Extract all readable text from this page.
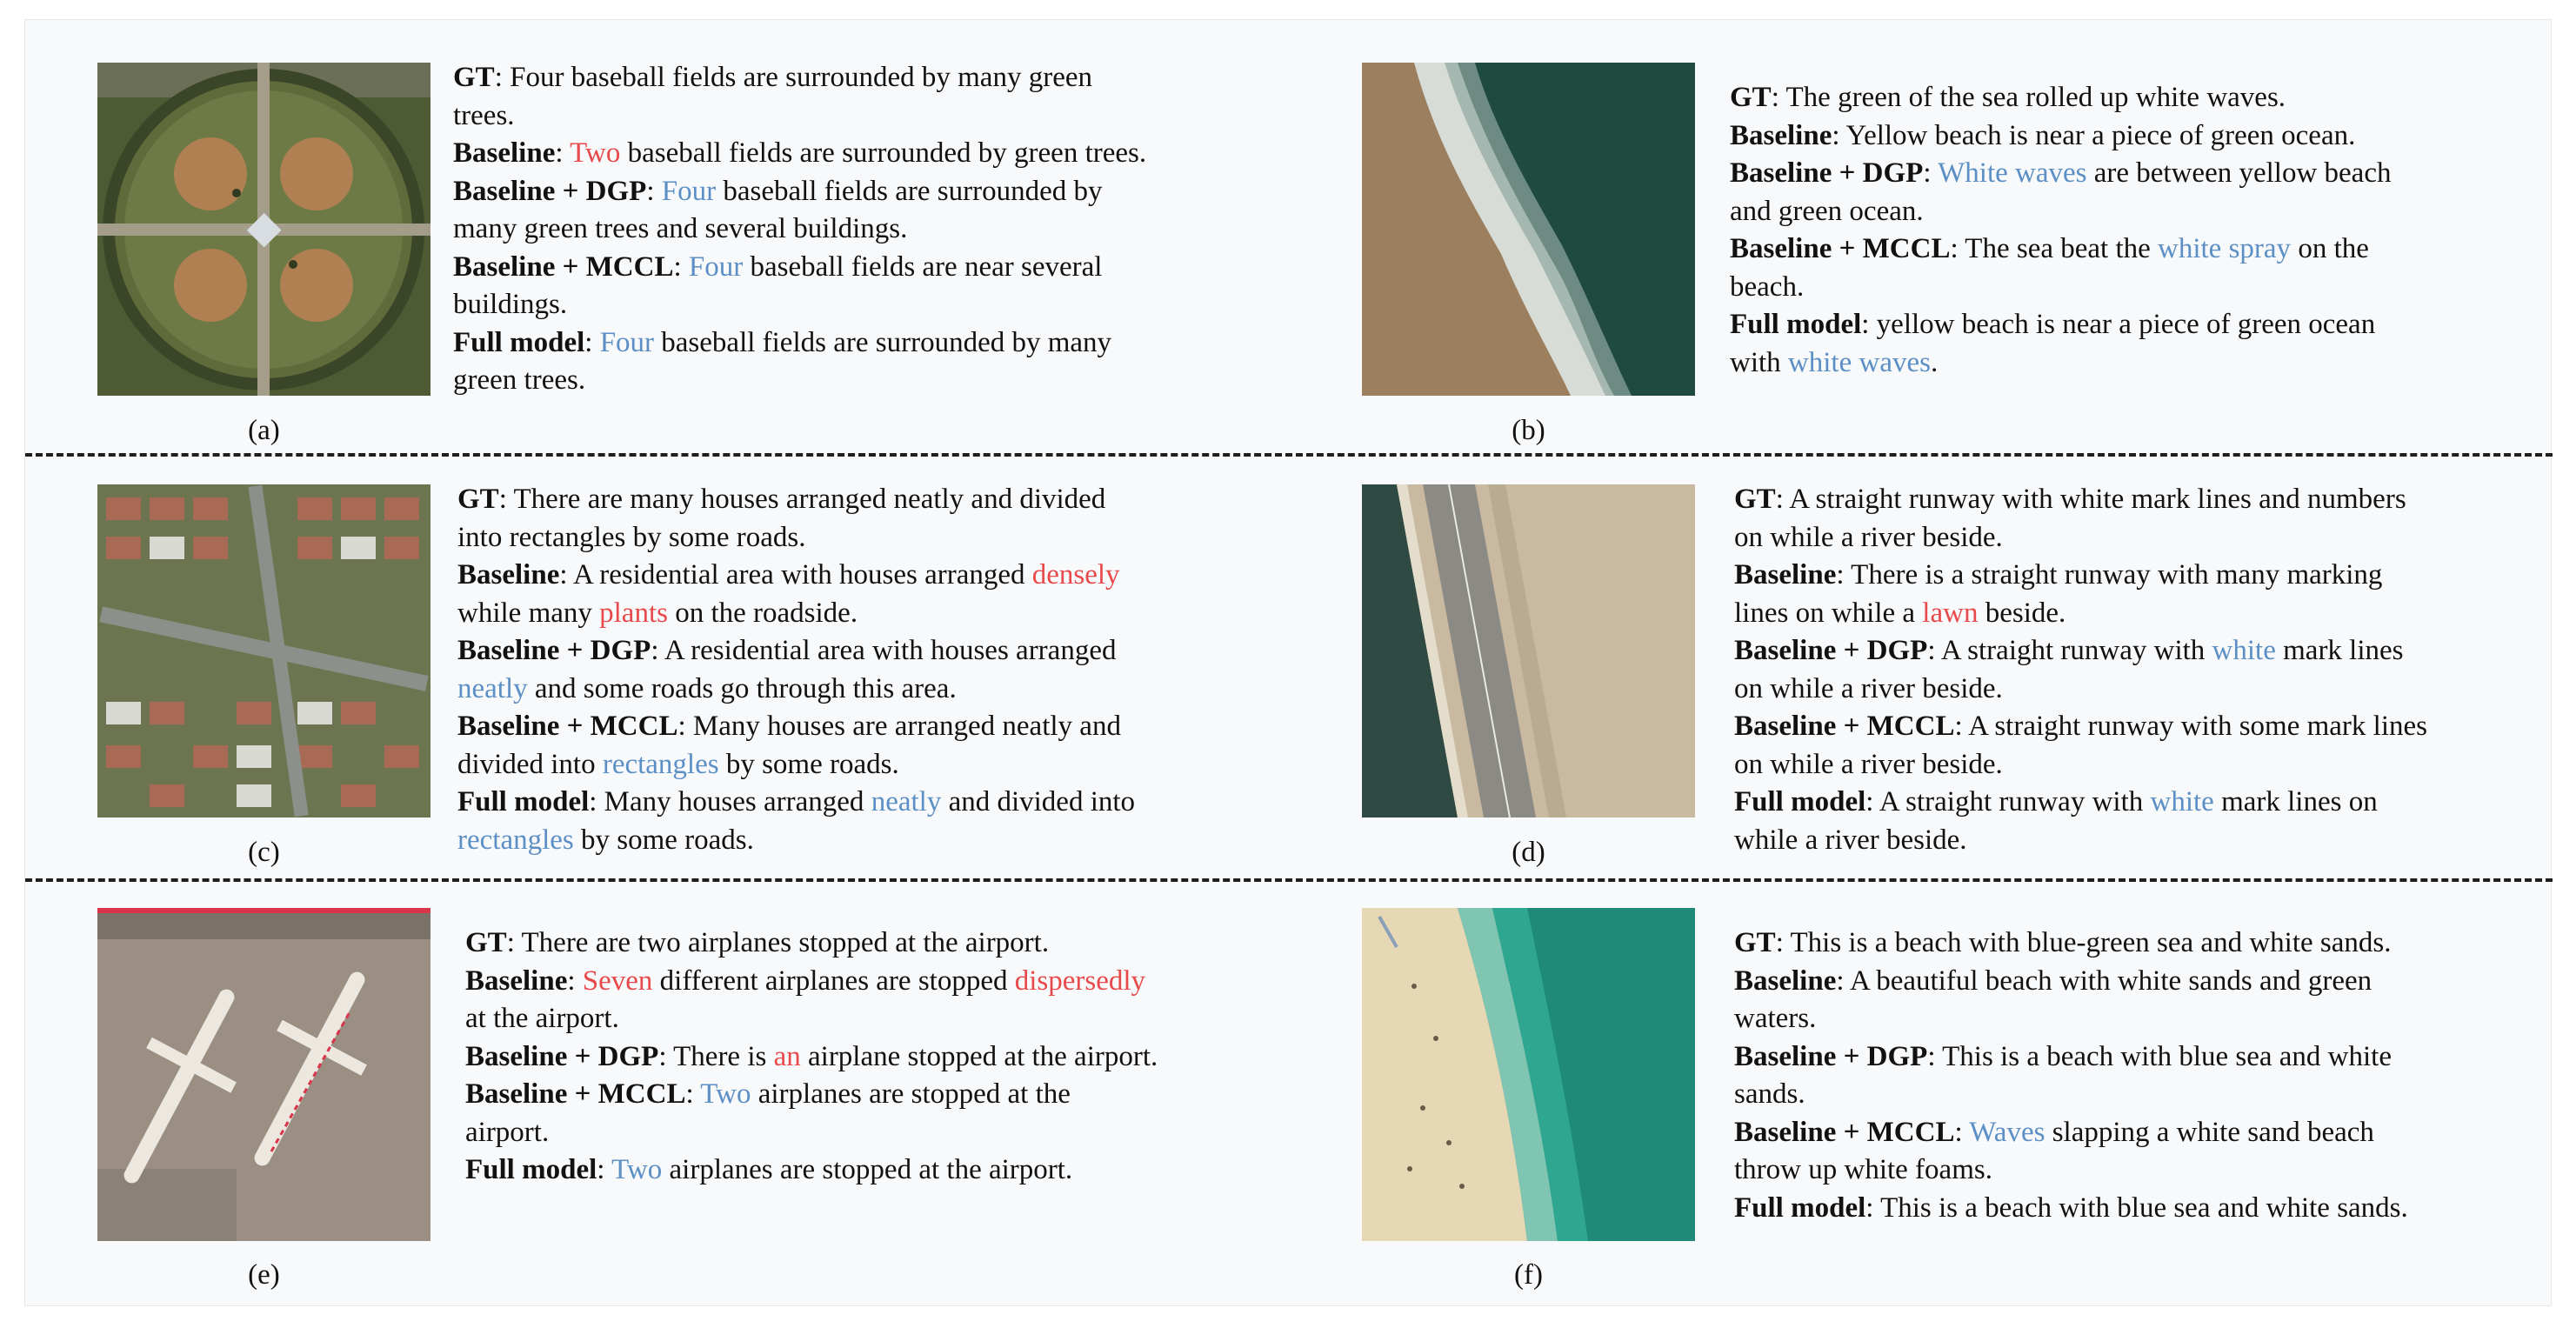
(a)
GT: Four baseball fields are surrounded by many green
trees.
Baseline: Two baseball fields are surrounded by green trees.
Baseline + DGP: Four baseball fields are surrounded by
many green trees and several buildings.
Baseline + MCCL: Four baseball fields are near several
buildings.
Full model: Four baseball fields are surrounded by many
green trees.
(b)
GT: The green of the sea rolled up white waves.
Baseline: Yellow beach is near a piece of green ocean.
Baseline + DGP: White waves are between yellow beach
and green ocean.
Baseline + MCCL: The sea beat the white spray on the
beach.
Full model: yellow beach is near a piece of green ocean
with white waves.
(c)
GT: There are many houses arranged neatly and divided
into rectangles by some roads.
Baseline: A residential area with houses arranged densely
while many plants on the roadside.
Baseline + DGP: A residential area with houses arranged
neatly and some roads go through this area.
Baseline + MCCL: Many houses are arranged neatly and
divided into rectangles by some roads.
Full model: Many houses arranged neatly and divided into
rectangles by some roads.	(d)
GT: A straight runway with white mark lines and numbers
on while a river beside.
Baseline: There is a straight runway with many marking
lines on while a lawn beside.
Baseline + DGP: A straight runway with white mark lines
on while a river beside.
Baseline + MCCL: A straight runway with some mark lines
on while a river beside.
Full model: A straight runway with white mark lines on
while a river beside.
(e)
GT: There are two airplanes stopped at the airport.
Baseline: Seven different airplanes are stopped dispersedly
at the airport.
Baseline + DGP: There is an airplane stopped at the airport.
Baseline + MCCL: Two airplanes are stopped at the
airport.
Full model: Two airplanes are stopped at the airport.
(f)
GT: This is a beach with blue-green sea and white sands.
Baseline: A beautiful beach with white sands and green
waters.
Baseline + DGP: This is a beach with blue sea and white
sands.
Baseline + MCCL: Waves slapping a white sand beach
throw up white foams.
Full model: This is a beach with blue sea and white sands.
